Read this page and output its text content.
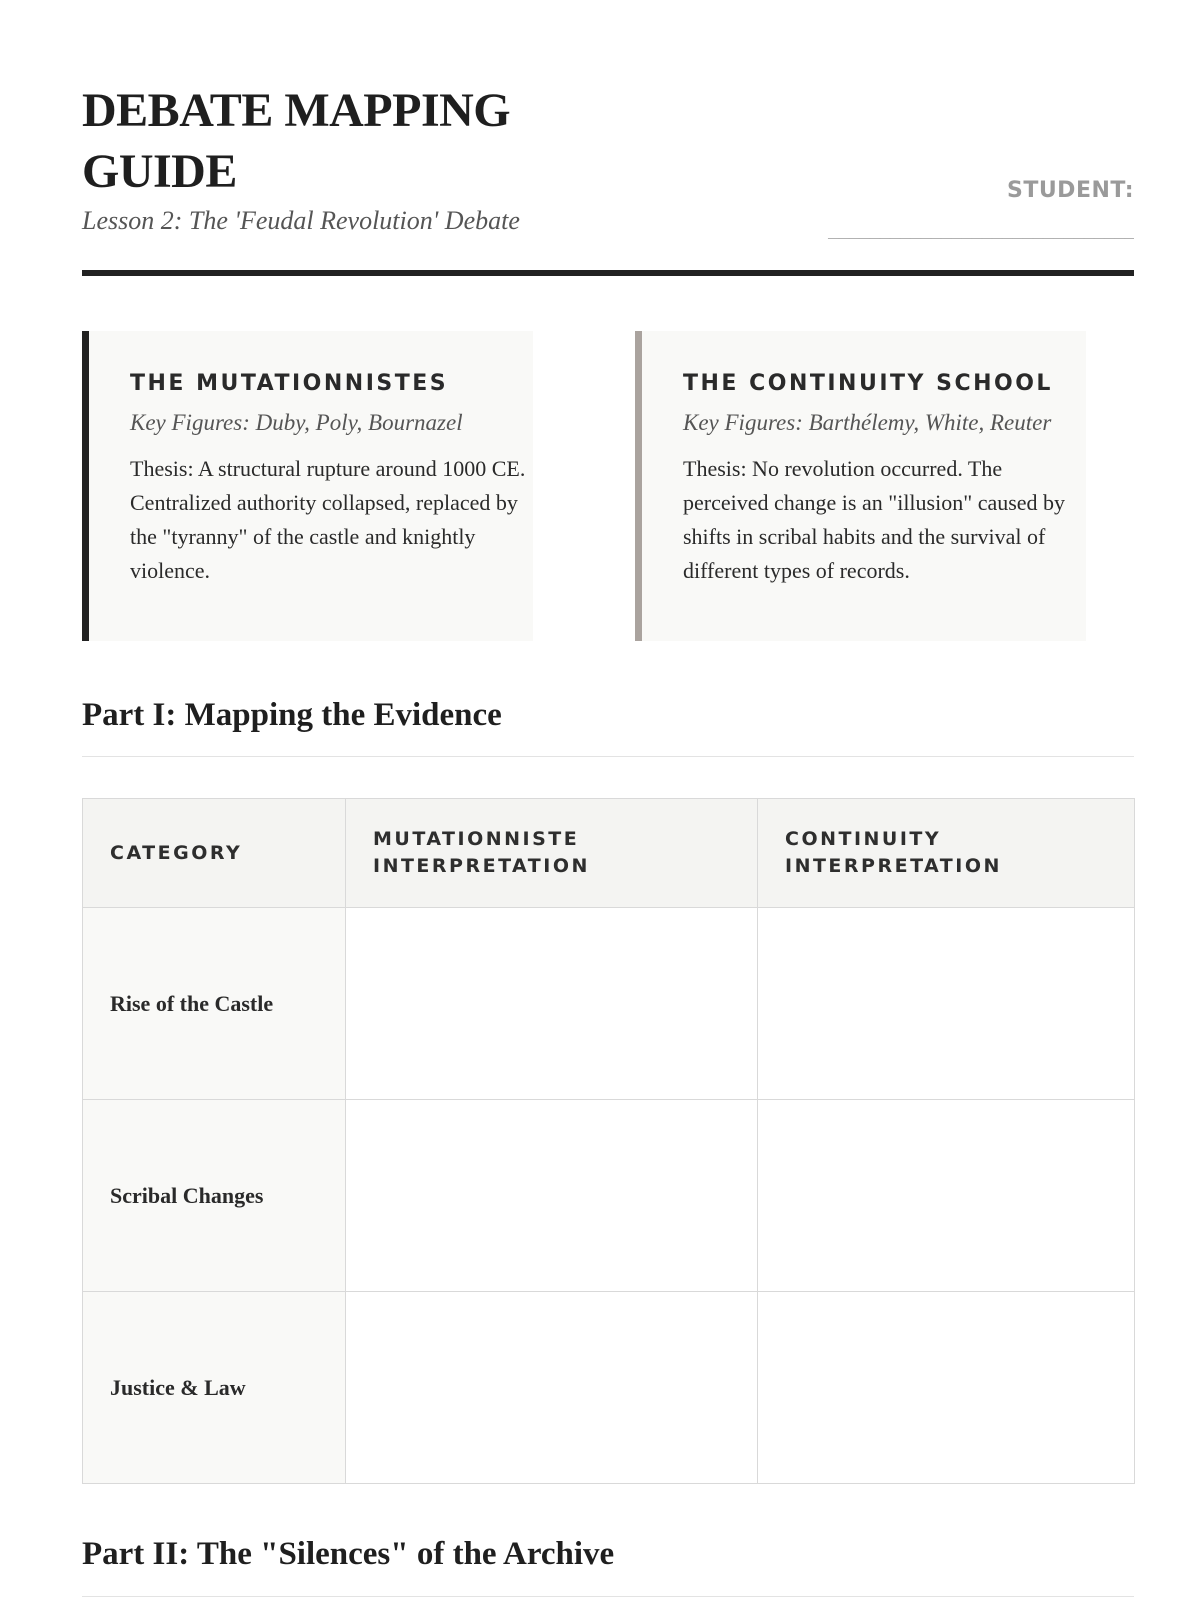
DEBATE MAPPING GUIDE
Lesson 2: The 'Feudal Revolution' Debate
STUDENT:
______________________________
THE MUTATIONNISTES
Key Figures: Duby, Poly, Bournazel
Thesis: A structural rupture around 1000 CE. Centralized authority collapsed, replaced by the "tyranny" of the castle and knightly violence.
THE CONTINUITY SCHOOL
Key Figures: Barthélemy, White, Reuter
Thesis: No revolution occurred. The perceived change is an "illusion" caused by shifts in scribal habits and the survival of different types of records.
Part I: Mapping the Evidence
CATEGORY	MUTATIONNISTE INTERPRETATION	CONTINUITY INTERPRETATION

Rise of the Castle		
Scribal Changes		
Justice & Law		
Part II: The "Silences" of the Archive
